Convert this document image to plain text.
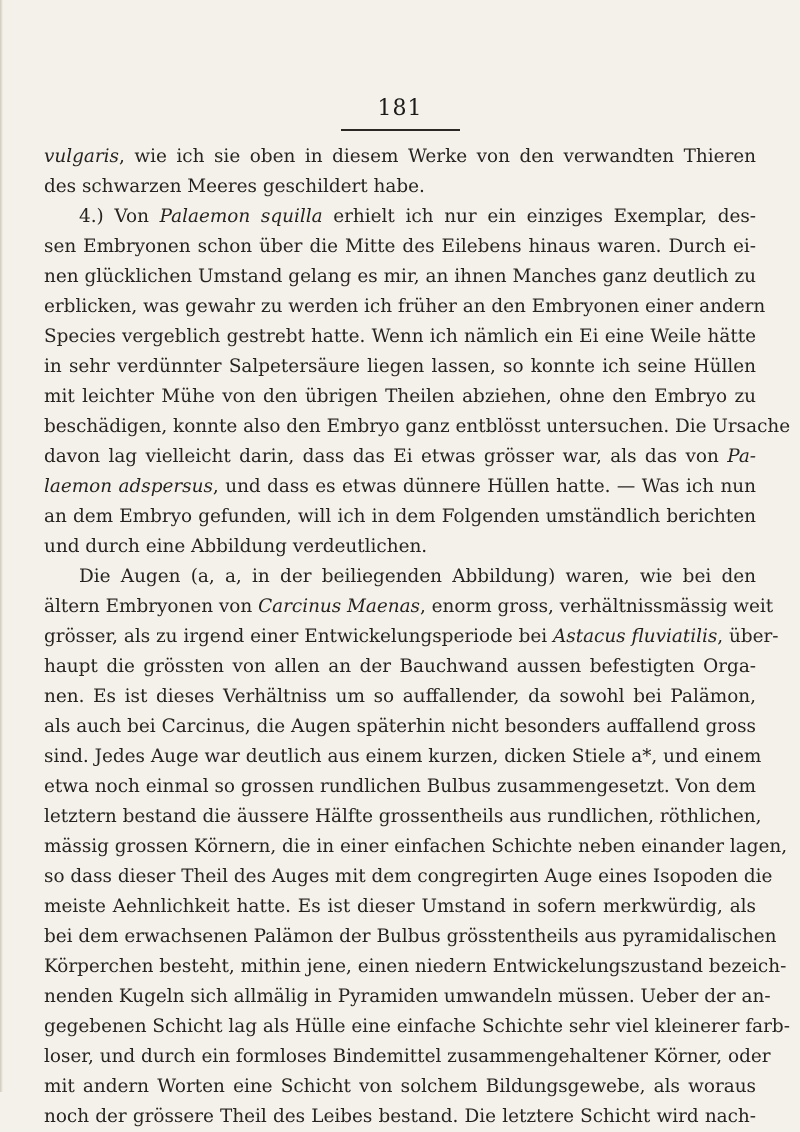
181
vulgaris, wie ich sie oben in diesem Werke von den verwandten Thieren
des schwarzen Meeres geschildert habe.
4.) Von Palaemon squilla erhielt ich nur ein einziges Exemplar, des-
sen Embryonen schon über die Mitte des Eilebens hinaus waren. Durch ei-
nen glücklichen Umstand gelang es mir, an ihnen Manches ganz deutlich zu
erblicken, was gewahr zu werden ich früher an den Embryonen einer andern
Species vergeblich gestrebt hatte. Wenn ich nämlich ein Ei eine Weile hätte
in sehr verdünnter Salpetersäure liegen lassen, so konnte ich seine Hüllen
mit leichter Mühe von den übrigen Theilen abziehen, ohne den Embryo zu
beschädigen, konnte also den Embryo ganz entblösst untersuchen. Die Ursache
davon lag vielleicht darin, dass das Ei etwas grösser war, als das von Pa-
laemon adspersus, und dass es etwas dünnere Hüllen hatte. — Was ich nun
an dem Embryo gefunden, will ich in dem Folgenden umständlich berichten
und durch eine Abbildung verdeutlichen.
Die Augen (a, a, in der beiliegenden Abbildung) waren, wie bei den
ältern Embryonen von Carcinus Maenas, enorm gross, verhältnissmässig weit
grösser, als zu irgend einer Entwickelungsperiode bei Astacus fluviatilis, über-
haupt die grössten von allen an der Bauchwand aussen befestigten Orga-
nen. Es ist dieses Verhältniss um so auffallender, da sowohl bei Palämon,
als auch bei Carcinus, die Augen späterhin nicht besonders auffallend gross
sind. Jedes Auge war deutlich aus einem kurzen, dicken Stiele a*, und einem
etwa noch einmal so grossen rundlichen Bulbus zusammengesetzt. Von dem
letztern bestand die äussere Hälfte grossentheils aus rundlichen, röthlichen,
mässig grossen Körnern, die in einer einfachen Schichte neben einander lagen,
so dass dieser Theil des Auges mit dem congregirten Auge eines Isopoden die
meiste Aehnlichkeit hatte. Es ist dieser Umstand in sofern merkwürdig, als
bei dem erwachsenen Palämon der Bulbus grösstentheils aus pyramidalischen
Körperchen besteht, mithin jene, einen niedern Entwickelungszustand bezeich-
nenden Kugeln sich allmälig in Pyramiden umwandeln müssen. Ueber der an-
gegebenen Schicht lag als Hülle eine einfache Schichte sehr viel kleinerer farb-
loser, und durch ein formloses Bindemittel zusammengehaltener Körner, oder
mit andern Worten eine Schicht von solchem Bildungsgewebe, als woraus
noch der grössere Theil des Leibes bestand. Die letztere Schicht wird nach-
